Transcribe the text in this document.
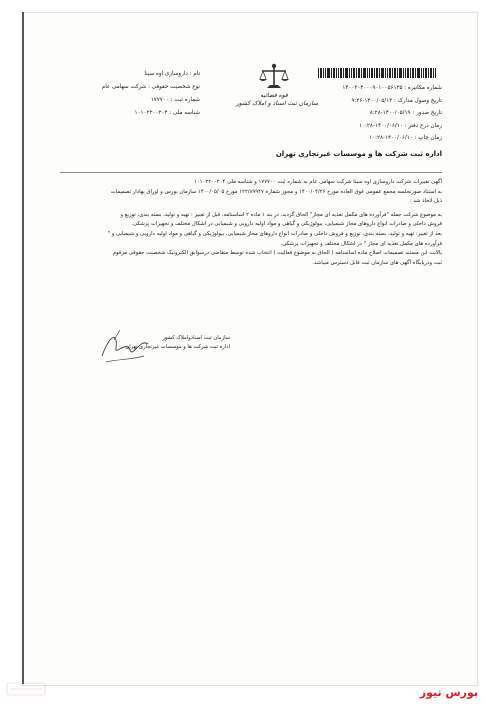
نام : داروسازی اوه سینا
نوع شخصیت حقوقی : شرکت سهامی عام
شماره ثبت : ۱۷۷۷۰۰
شناسه ملی : ۱۰۱۰۲۲۰۰۲۰۴
قوه قضائیه
سازمان ثبت اسناد و املاک کشور
شماره مکانیزه : ۱۴۰۰۳۰۴۰۰۰۹۰۱۰۰۵۶۱۳۵
تاریخ وصول مدارک : ۱۴۰۰/۰۵/۱۳-۹:۲۶
تاریخ صدور : ۱۴۰۰/۰۵/۱۹-۸:۲۸
زمان درج دفتر : ۱۴۰۰/۰۶/۱۰-۱۰:۲۸
زمان چاپ : ۱۴۰۰/۰۶/۱۰-۱۰:۲۸
اداره ثبت شرکت ها و موسسات غیرتجاری تهران

آگهی تغییرات شرکت داروسازی اوه سینا شرکت سهامی عام به شماره ثبت ۱۷۷۷۰۰ و شناسه ملی ۱۰۱۰۲۲۰۰۲۰۴

به استناد صورتجلسه مجمع عمومی فوق العاده مورخ ۱۴۰۰/۰۴/۲۶ و مجوز شماره ۱۲۲/۸۹۹۴۷ مورخ ۱۴۰۰/۰۵/۰۵ سازمان بورس و اوراق بهادار تصمیمات

ذیل اتخاذ شد :

به موضوع شرکت جمله "فرآورده های مکمل تغذیه ای مجاز" الحاق گردید. در بند ۱ ماده ۲ اساسنامه، قبل از تغییر : تهیه و تولید، بسته بندی، توزیع و

فروش داخلی و صادرات انواع داروهای مجاز شیمیایی، بیولوژیکی و گیاهی و مواد اولیه دارویی و شیمیایی در اشکال مختلف و تجهیزات پزشکی.

بعد از تغییر: تهیه و تولید، بسته بندی، توزیع و فروش داخلی و صادرات انواع داروهای مجاز شیمیایی، بیولوژیکی و گیاهی و مواد اولیه دارویی و شیمیایی و "

فرآورده های مکمل تغذیه ای مجاز " در اشکال مختلف و تجهیزات پزشکی.

بالایت این مستند تصمیمات اصلاح ماده اساسنامه ( الحاق به موضوع فعالیت ) انتخاب شده توسط متقاضی درسوابق الکترونیک شخصیت حقوقی مرقوم

ثبت ودرپایگاه آگهی های سازمان ثبت قابل دسترس میباشد.

سازمان ثبت اسنادواملاک کشور
اداره ثبت شرکت ها و موسسات غیرتجاری تهران
بورس نیوز
